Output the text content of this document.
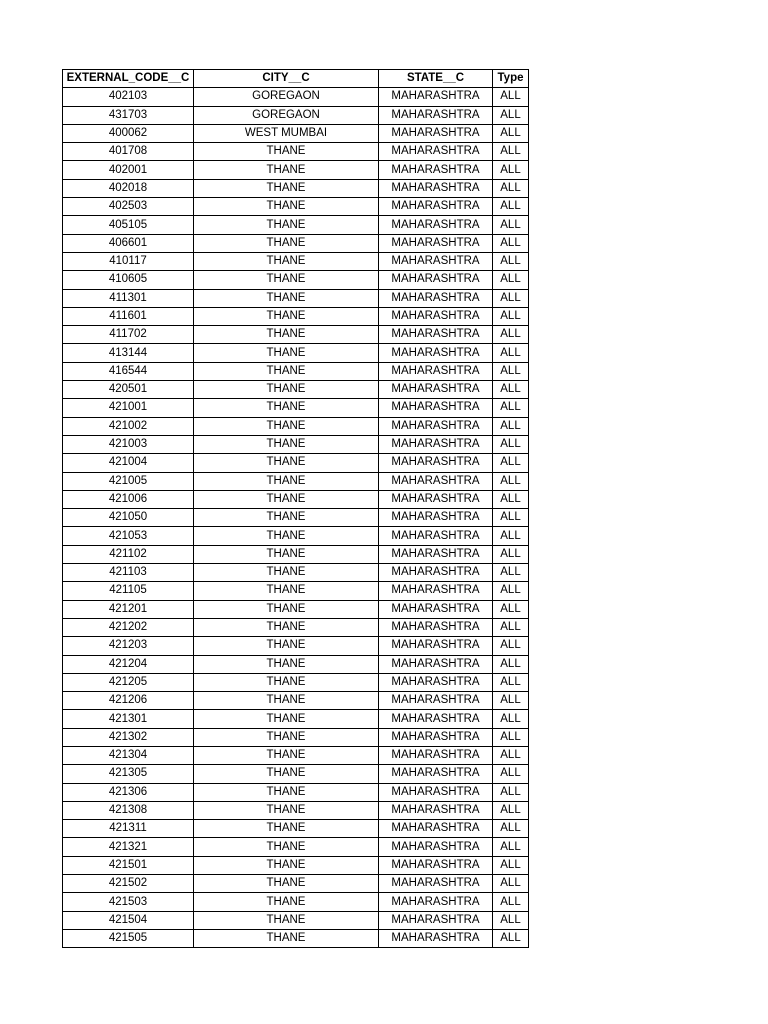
EXTERNAL_CODE__C	CITY__C	STATE__C	Type
402103	GOREGAON	MAHARASHTRA	ALL
431703	GOREGAON	MAHARASHTRA	ALL
400062	WEST MUMBAI	MAHARASHTRA	ALL
401708	THANE	MAHARASHTRA	ALL
402001	THANE	MAHARASHTRA	ALL
402018	THANE	MAHARASHTRA	ALL
402503	THANE	MAHARASHTRA	ALL
405105	THANE	MAHARASHTRA	ALL
406601	THANE	MAHARASHTRA	ALL
410117	THANE	MAHARASHTRA	ALL
410605	THANE	MAHARASHTRA	ALL
411301	THANE	MAHARASHTRA	ALL
411601	THANE	MAHARASHTRA	ALL
411702	THANE	MAHARASHTRA	ALL
413144	THANE	MAHARASHTRA	ALL
416544	THANE	MAHARASHTRA	ALL
420501	THANE	MAHARASHTRA	ALL
421001	THANE	MAHARASHTRA	ALL
421002	THANE	MAHARASHTRA	ALL
421003	THANE	MAHARASHTRA	ALL
421004	THANE	MAHARASHTRA	ALL
421005	THANE	MAHARASHTRA	ALL
421006	THANE	MAHARASHTRA	ALL
421050	THANE	MAHARASHTRA	ALL
421053	THANE	MAHARASHTRA	ALL
421102	THANE	MAHARASHTRA	ALL
421103	THANE	MAHARASHTRA	ALL
421105	THANE	MAHARASHTRA	ALL
421201	THANE	MAHARASHTRA	ALL
421202	THANE	MAHARASHTRA	ALL
421203	THANE	MAHARASHTRA	ALL
421204	THANE	MAHARASHTRA	ALL
421205	THANE	MAHARASHTRA	ALL
421206	THANE	MAHARASHTRA	ALL
421301	THANE	MAHARASHTRA	ALL
421302	THANE	MAHARASHTRA	ALL
421304	THANE	MAHARASHTRA	ALL
421305	THANE	MAHARASHTRA	ALL
421306	THANE	MAHARASHTRA	ALL
421308	THANE	MAHARASHTRA	ALL
421311	THANE	MAHARASHTRA	ALL
421321	THANE	MAHARASHTRA	ALL
421501	THANE	MAHARASHTRA	ALL
421502	THANE	MAHARASHTRA	ALL
421503	THANE	MAHARASHTRA	ALL
421504	THANE	MAHARASHTRA	ALL
421505	THANE	MAHARASHTRA	ALL
